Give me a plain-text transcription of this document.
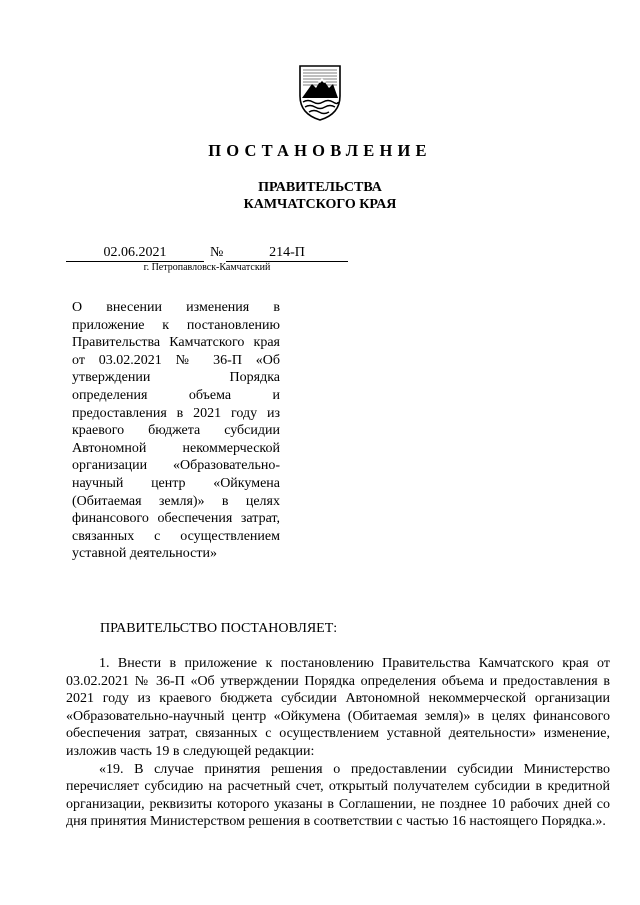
ПОСТАНОВЛЕНИЕ
ПРАВИТЕЛЬСТВА
КАМЧАТСКОГО КРАЯ
02.06.2021	№	214-П
г. Петропавловск-Камчатский
О внесении изменения в приложение к постановлению Правительства Камчатского края от 03.02.2021 № 36-П «Об утверждении Порядка определения объема и предоставления в 2021 году из краевого бюджета субсидии Автономной некоммерческой организации «Образовательно-научный центр «Ойкумена (Обитаемая земля)» в целях финансового обеспечения затрат, связанных с осуществлением уставной деятельности»
ПРАВИТЕЛЬСТВО ПОСТАНОВЛЯЕТ:

1. Внести в приложение к постановлению Правительства Камчатского края от 03.02.2021 № 36-П «Об утверждении Порядка определения объема и предоставления в 2021 году из краевого бюджета субсидии Автономной некоммерческой организации «Образовательно-научный центр «Ойкумена (Обитаемая земля)» в целях финансового обеспечения затрат, связанных с осуществлением уставной деятельности» изменение, изложив часть 19 в следующей редакции:

«19. В случае принятия решения о предоставлении субсидии Министерство перечисляет субсидию на расчетный счет, открытый получателем субсидии в кредитной организации, реквизиты которого указаны в Соглашении, не позднее 10 рабочих дней со дня принятия Министерством решения в соответствии с частью 16 настоящего Порядка.».
